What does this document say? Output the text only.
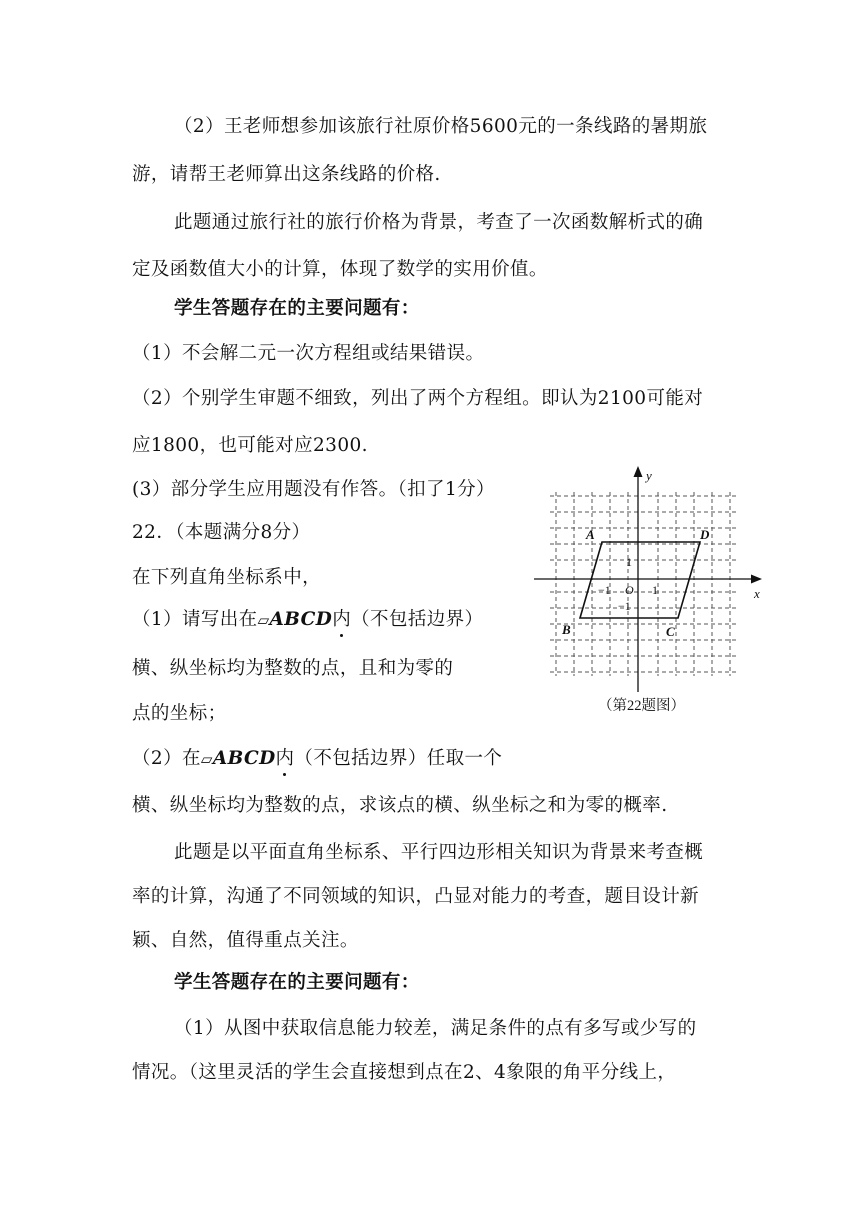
（2）王老师想参加该旅行社原价格5600元的一条线路的暑期旅
游，请帮王老师算出这条线路的价格.
此题通过旅行社的旅行价格为背景，考查了一次函数解析式的确
定及函数值大小的计算，体现了数学的实用价值。
学生答题存在的主要问题有：
（1）不会解二元一次方程组或结果错误。
（2）个别学生审题不细致，列出了两个方程组。即认为2100可能对
应1800，也可能对应2300.
(3）部分学生应用题没有作答。（扣了1分）
22．（本题满分8分）
在下列直角坐标系中，
（1）请写出在▱ABCD内（不包括边界）
横、纵坐标均为整数的点，且和为零的
点的坐标；
（2）在▱ABCD内（不包括边界）任取一个
横、纵坐标均为整数的点，求该点的横、纵坐标之和为零的概率.
此题是以平面直角坐标系、平行四边形相关知识为背景来考查概
率的计算，沟通了不同领域的知识，凸显对能力的考查，题目设计新
颖、自然，值得重点关注。
学生答题存在的主要问题有：
（1）从图中获取信息能力较差，满足条件的点有多写或少写的
情况。（这里灵活的学生会直接想到点在2、4象限的角平分线上，
x
y
A	D
B	C
O 1
−1
1
−1
（第22题图）
